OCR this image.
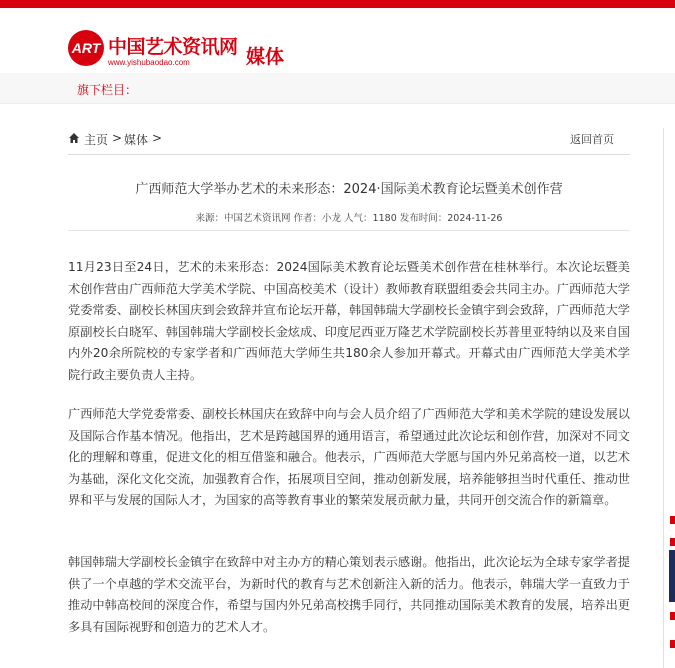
ART 中国艺术资讯网
www.yishubaodao.com	媒体
旗下栏目：
主页 > 媒体 >	返回首页
广西师范大学举办艺术的未来形态：2024·国际美术教育论坛暨美术创作营
来源：中国艺术资讯网 作者：小龙 人气：1180 发布时间：2024-11-26

11月23日至24日，艺术的未来形态：2024国际美术教育论坛暨美术创作营在桂林举行。本次论坛暨美术创作营由广西师范大学美术学院、中国高校美术（设计）教师教育联盟组委会共同主办。广西师范大学党委常委、副校长林国庆到会致辞并宣布论坛开幕，韩国韩瑞大学副校长金镇宇到会致辞，广西师范大学原副校长白晓军、韩国韩瑞大学副校长金炫成、印度尼西亚万隆艺术学院副校长苏普里亚特纳以及来自国内外20余所院校的专家学者和广西师范大学师生共180余人参加开幕式。开幕式由广西师范大学美术学院行政主要负责人主持。

广西师范大学党委常委、副校长林国庆在致辞中向与会人员介绍了广西师范大学和美术学院的建设发展以及国际合作基本情况。他指出，艺术是跨越国界的通用语言，希望通过此次论坛和创作营，加深对不同文化的理解和尊重，促进文化的相互借鉴和融合。他表示，广西师范大学愿与国内外兄弟高校一道，以艺术为基础，深化文化交流，加强教育合作，拓展项目空间，推动创新发展，培养能够担当时代重任、推动世界和平与发展的国际人才，为国家的高等教育事业的繁荣发展贡献力量，共同开创交流合作的新篇章。

韩国韩瑞大学副校长金镇宇在致辞中对主办方的精心策划表示感谢。他指出，此次论坛为全球专家学者提供了一个卓越的学术交流平台，为新时代的教育与艺术创新注入新的活力。他表示，韩瑞大学一直致力于推动中韩高校间的深度合作，希望与国内外兄弟高校携手同行，共同推动国际美术教育的发展，培养出更多具有国际视野和创造力的艺术人才。
